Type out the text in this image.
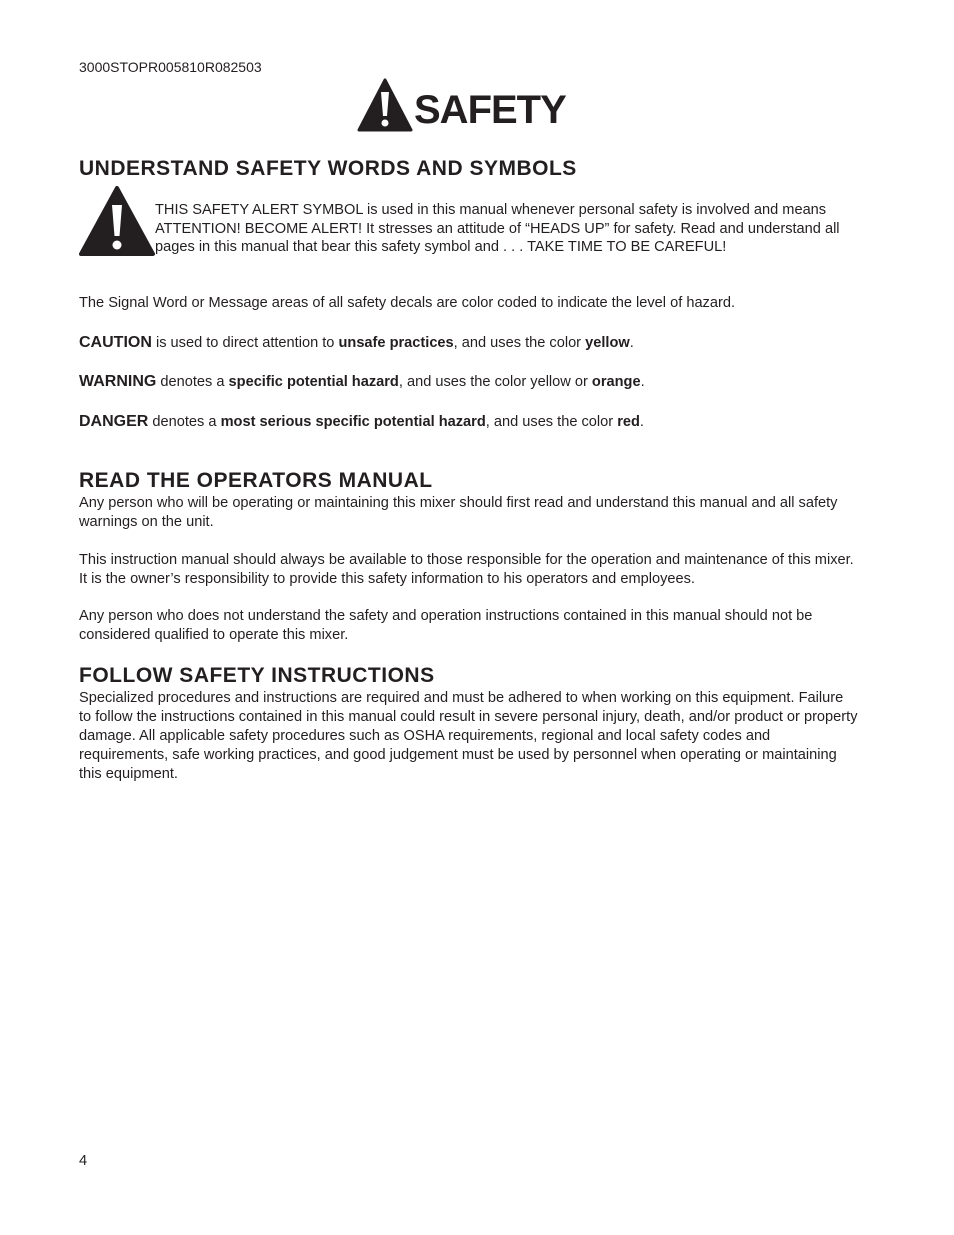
3000STOPR005810R082503
SAFETY
UNDERSTAND SAFETY WORDS AND SYMBOLS
THIS SAFETY ALERT SYMBOL is used in this manual whenever personal safety is involved and means ATTENTION! BECOME ALERT! It stresses an attitude of “HEADS UP” for safety. Read and understand all pages in this manual that bear this safety symbol and . . . TAKE TIME TO BE CAREFUL!
The Signal Word or Message areas of all safety decals are color coded to indicate the level of hazard.
CAUTION is used to direct attention to unsafe practices, and uses the color yellow.
WARNING denotes a specific potential hazard, and uses the color yellow or orange.
DANGER denotes a most serious specific potential hazard, and uses the color red.
READ THE OPERATORS MANUAL
Any person who will be operating or maintaining this mixer should first read and understand this manual and all safety warnings on the unit.
This instruction manual should always be available to those responsible for the operation and maintenance of this mixer. It is the owner’s responsibility to provide this safety information to his operators and employees.
Any person who does not understand the safety and operation instructions contained in this manual should not be considered qualified to operate this mixer.
FOLLOW SAFETY INSTRUCTIONS
Specialized procedures and instructions are required and must be adhered to when working on this equipment. Failure to follow the instructions contained in this manual could result in severe personal injury, death, and/or product or property damage. All applicable safety procedures such as OSHA requirements, regional and local safety codes and requirements, safe working practices, and good judgement must be used by personnel when operating or maintaining this equipment.
4
